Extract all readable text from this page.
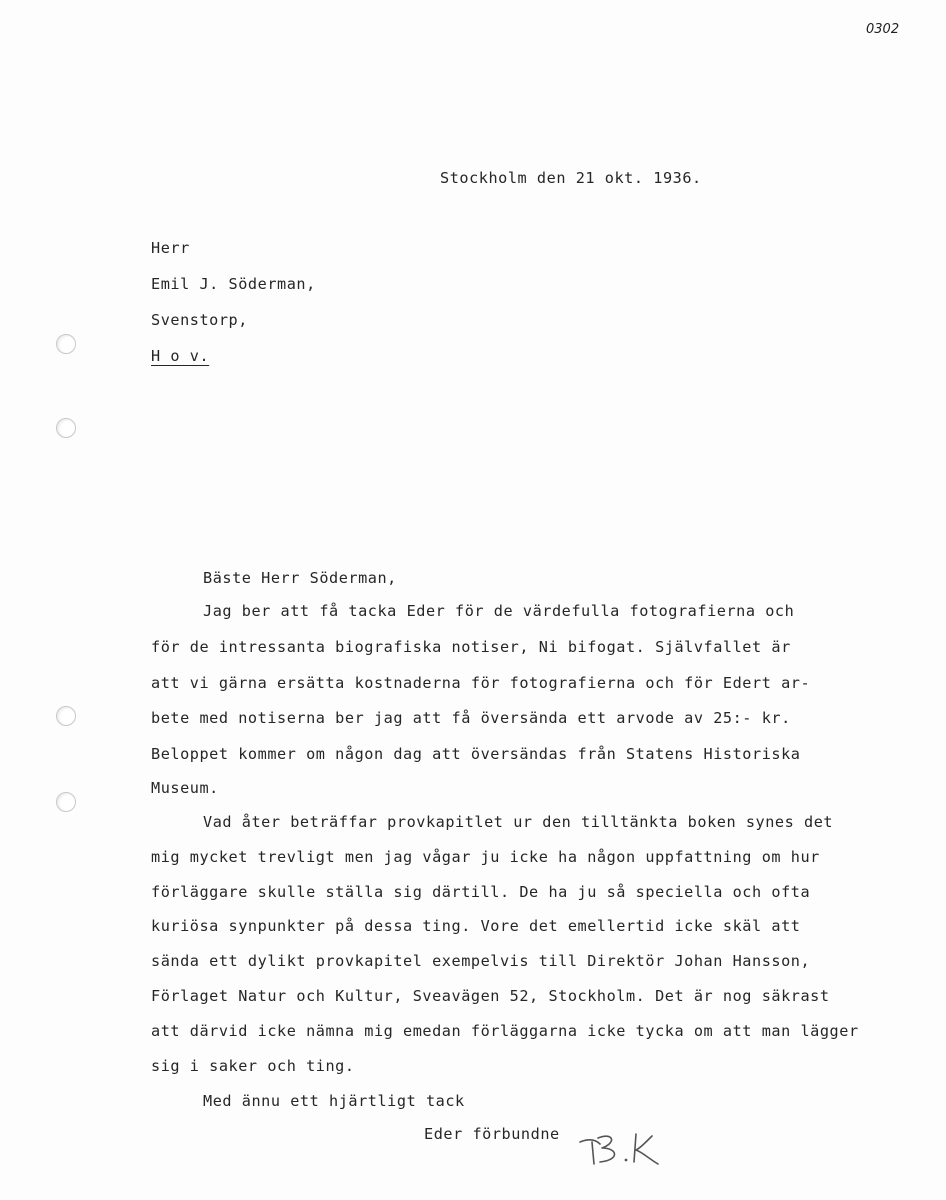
0302
Stockholm den 21 okt. 1936.
Herr
Emil J. Söderman,
Svenstorp,
H o v.
Bäste Herr Söderman,
Jag ber att få tacka Eder för de värdefulla fotografierna och
för de intressanta biografiska notiser, Ni bifogat. Självfallet är
att vi gärna ersätta kostnaderna för fotografierna och för Edert ar-
bete med notiserna ber jag att få översända ett arvode av 25:- kr.
Beloppet kommer om någon dag att översändas från Statens Historiska
Museum.
Vad åter beträffar provkapitlet ur den tilltänkta boken synes det
mig mycket trevligt men jag vågar ju icke ha någon uppfattning om hur
förläggare skulle ställa sig därtill. De ha ju så speciella och ofta
kuriösa synpunkter på dessa ting. Vore det emellertid icke skäl att
sända ett dylikt provkapitel exempelvis till Direktör Johan Hansson,
Förlaget Natur och Kultur, Sveavägen 52, Stockholm. Det är nog säkrast
att därvid icke nämna mig emedan förläggarna icke tycka om att man lägger
sig i saker och ting.
Med ännu ett hjärtligt tack
Eder förbundne
